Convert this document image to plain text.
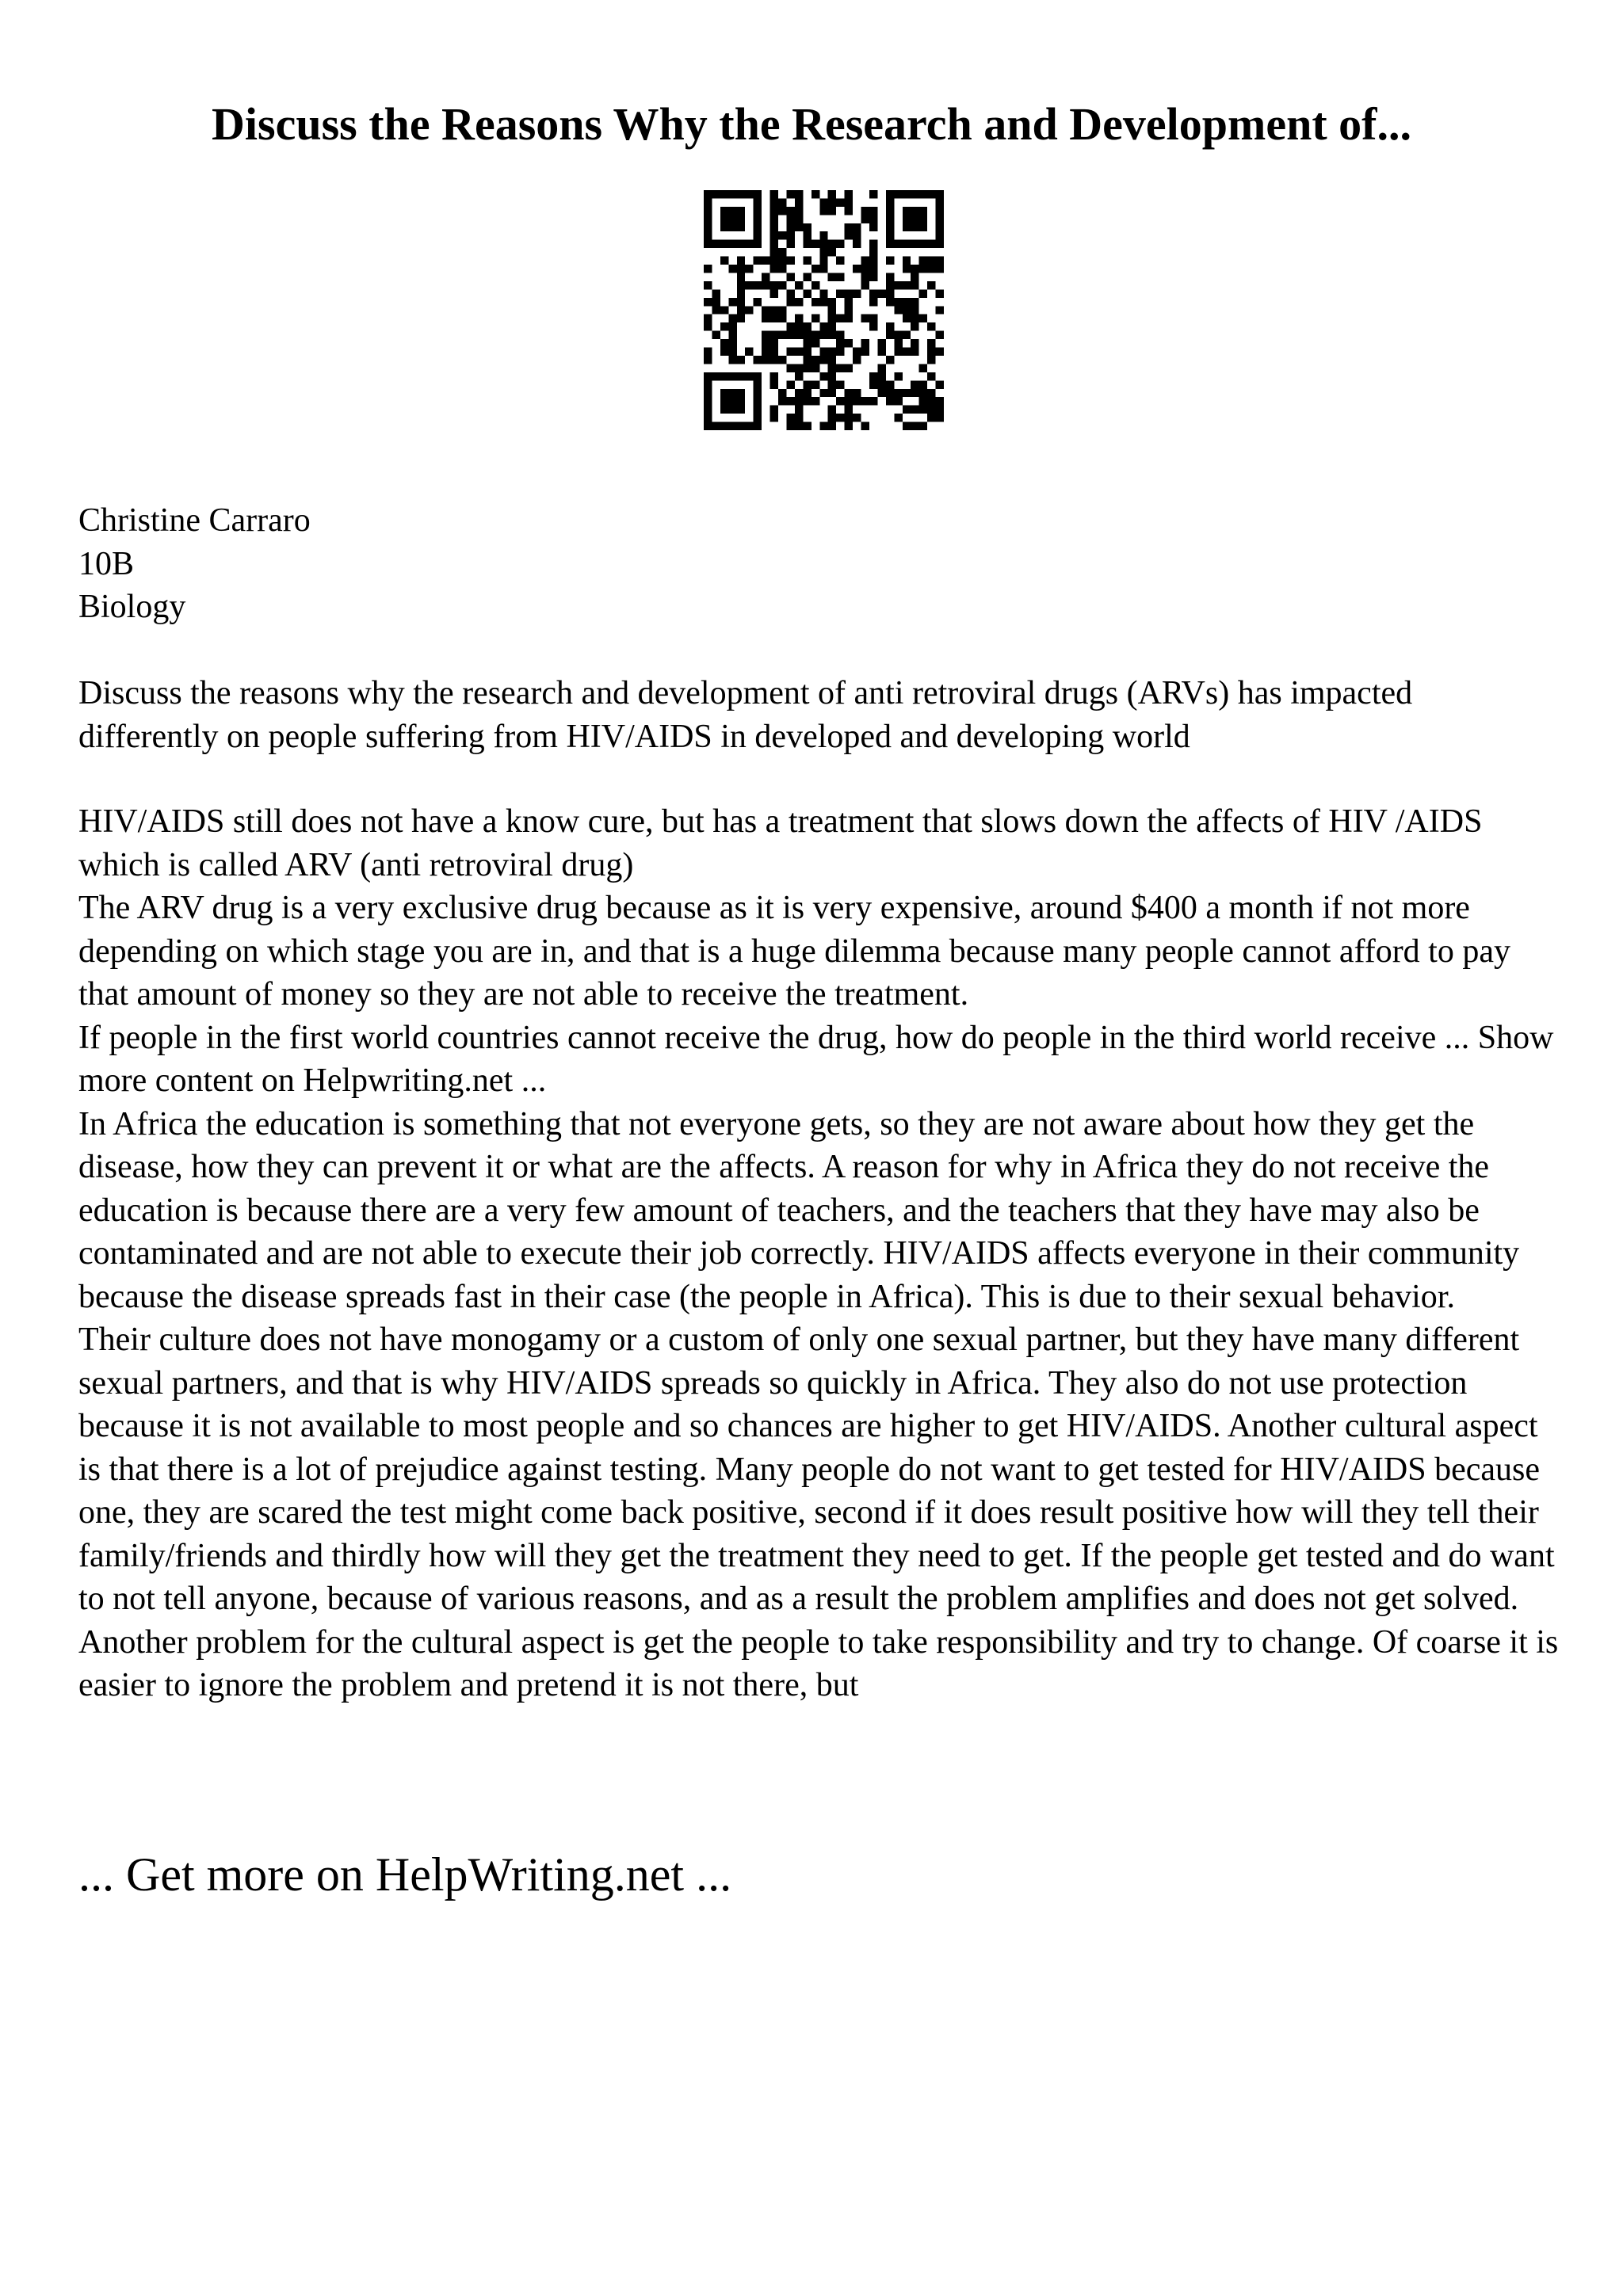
Discuss the Reasons Why the Research and Development of...
Christine Carraro
10B
Biology

Discuss the reasons why the research and development of anti retroviral drugs (ARVs) has impacted differently on people suffering from HIV/AIDS in developed and developing world

HIV/AIDS still does not have a know cure, but has a treatment that slows down the affects of HIV /AIDS which is called ARV (anti retroviral drug)

The ARV drug is a very exclusive drug because as it is very expensive, around $400 a month if not more depending on which stage you are in, and that is a huge dilemma because many people cannot afford to pay that amount of money so they are not able to receive the treatment.

If people in the first world countries cannot receive the drug, how do people in the third world receive ... Show more content on Helpwriting.net ...

In Africa the education is something that not everyone gets, so they are not aware about how they get the disease, how they can prevent it or what are the affects. A reason for why in Africa they do not receive the education is because there are a very few amount of teachers, and the teachers that they have may also be contaminated and are not able to execute their job correctly. HIV/AIDS affects everyone in their community because the disease spreads fast in their case (the people in Africa). This is due to their sexual behavior.

Their culture does not have monogamy or a custom of only one sexual partner, but they have many different sexual partners, and that is why HIV/AIDS spreads so quickly in Africa. They also do not use protection because it is not available to most people and so chances are higher to get HIV/AIDS. Another cultural aspect is that there is a lot of prejudice against testing. Many people do not want to get tested for HIV/AIDS because one, they are scared the test might come back positive, second if it does result positive how will they tell their family/friends and thirdly how will they get the treatment they need to get. If the people get tested and do want to not tell anyone, because of various reasons, and as a result the problem amplifies and does not get solved. Another problem for the cultural aspect is get the people to take responsibility and try to change. Of coarse it is easier to ignore the problem and pretend it is not there, but

... Get more on HelpWriting.net ...
